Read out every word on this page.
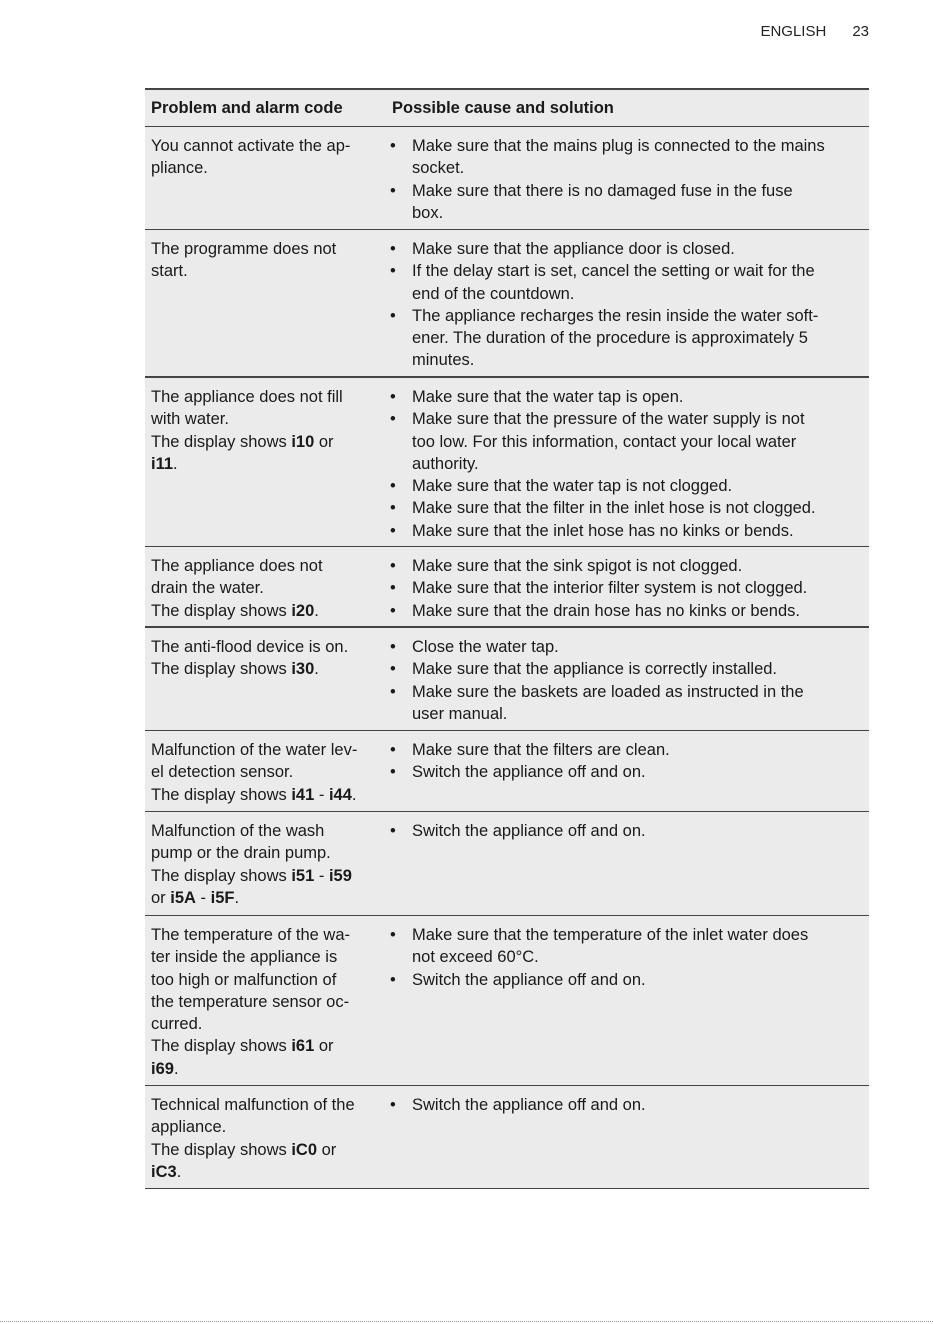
ENGLISH 23
Problem and alarm code	Possible cause and solution
You cannot activate the ap-
pliance.
• Make sure that the mains plug is connected to the mains
socket.
• Make sure that there is no damaged fuse in the fuse
box.
The programme does not
start.
• Make sure that the appliance door is closed.
• If the delay start is set, cancel the setting or wait for the
end of the countdown.
• The appliance recharges the resin inside the water soft-
ener. The duration of the procedure is approximately 5
minutes.
The appliance does not fill
with water.
The display shows i10 or
i11.
• Make sure that the water tap is open.
• Make sure that the pressure of the water supply is not
too low. For this information, contact your local water
authority.
• Make sure that the water tap is not clogged.
• Make sure that the filter in the inlet hose is not clogged.
• Make sure that the inlet hose has no kinks or bends.
The appliance does not
drain the water.
The display shows i20.
• Make sure that the sink spigot is not clogged.
• Make sure that the interior filter system is not clogged.
• Make sure that the drain hose has no kinks or bends.
The anti-flood device is on.
The display shows i30.
• Close the water tap.
• Make sure that the appliance is correctly installed.
• Make sure the baskets are loaded as instructed in the
user manual.
Malfunction of the water lev-
el detection sensor.
The display shows i41 - i44.
• Make sure that the filters are clean.
• Switch the appliance off and on.
Malfunction of the wash
pump or the drain pump.
The display shows i51 - i59
or i5A - i5F.
• Switch the appliance off and on.
The temperature of the wa-
ter inside the appliance is
too high or malfunction of
the temperature sensor oc-
curred.
The display shows i61 or
i69.
• Make sure that the temperature of the inlet water does
not exceed 60°C.
• Switch the appliance off and on.
Technical malfunction of the
appliance.
The display shows iC0 or
iC3.
• Switch the appliance off and on.
